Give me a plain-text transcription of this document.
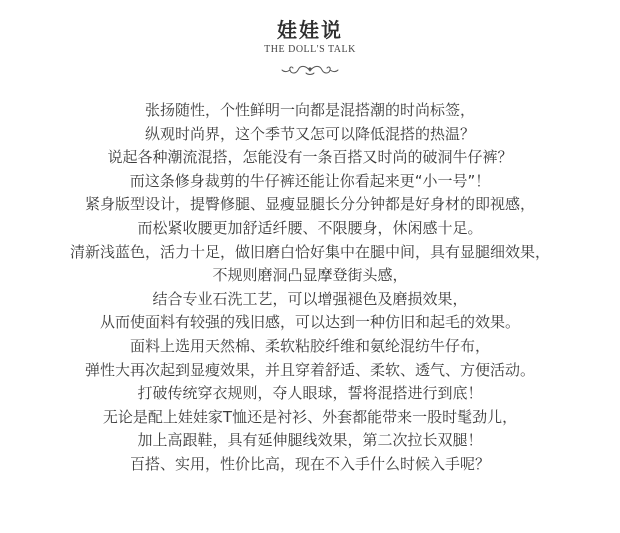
娃娃说
THE DOLL'S TALK
张扬随性，个性鲜明一向都是混搭潮的时尚标签，
纵观时尚界，这个季节又怎可以降低混搭的热温？
说起各种潮流混搭，怎能没有一条百搭又时尚的破洞牛仔裤？
而这条修身裁剪的牛仔裤还能让你看起来更“小一号”！
紧身版型设计，提臀修腿、显瘦显腿长分分钟都是好身材的即视感，
而松紧收腰更加舒适纤腰、不限腰身，休闲感十足。
清新浅蓝色，活力十足，做旧磨白恰好集中在腿中间，具有显腿细效果，
不规则磨洞凸显摩登街头感，
结合专业石洗工艺，可以增强褪色及磨损效果，
从而使面料有较强的残旧感，可以达到一种仿旧和起毛的效果。
面料上选用天然棉、柔软粘胶纤维和氨纶混纺牛仔布，
弹性大再次起到显瘦效果，并且穿着舒适、柔软、透气、方便活动。
打破传统穿衣规则，夺人眼球，誓将混搭进行到底！
无论是配上娃娃家T恤还是衬衫、外套都能带来一股时髦劲儿，
加上高跟鞋，具有延伸腿线效果，第二次拉长双腿！
百搭、实用，性价比高，现在不入手什么时候入手呢？
